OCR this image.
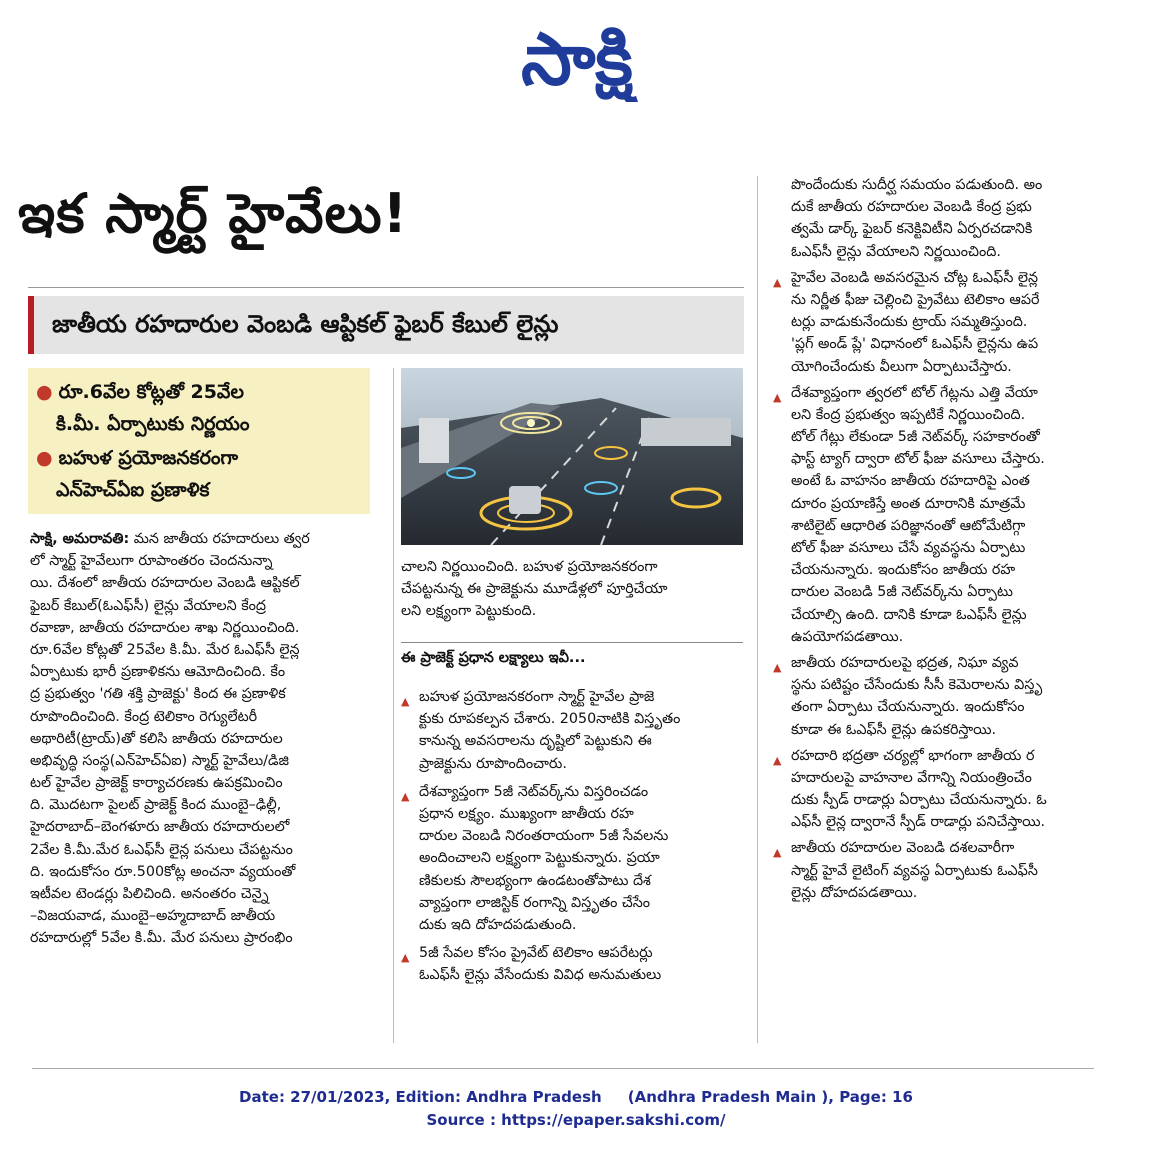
సాక్షి
ఇక స్మార్ట్ హైవేలు!
జాతీయ రహదారుల వెంబడి ఆప్టికల్ ఫైబర్ కేబుల్ లైన్లు
● రూ.6వేల కోట్లతో 25వేల
కి.మీ. ఏర్పాటుకు నిర్ణయం
● బహుళ ప్రయోజనకరంగా
ఎన్‌హెచ్‌ఏఐ ప్రణాళిక
సాక్షి, అమరావతి: మన జాతీయ రహదారులు త్వర
లో స్మార్ట్ హైవేలుగా రూపాంతరం చెందనున్నా
యి. దేశంలో జాతీయ రహదారుల వెంబడి ఆప్టికల్
ఫైబర్ కేబుల్(ఓఎఫ్‌సీ) లైన్లు వేయాలని కేంద్ర
రవాణా, జాతీయ రహదారుల శాఖ నిర్ణయించింది.
రూ.6వేల కోట్లతో 25వేల కి.మీ. మేర ఓఎఫ్‌సీ లైన్ల
ఏర్పాటుకు భారీ ప్రణాళికను ఆమోదించింది. కేం
ద్ర ప్రభుత్వం 'గతి శక్తి ప్రాజెక్టు' కింద ఈ ప్రణాళిక
రూపొందించింది. కేంద్ర టెలికాం రెగ్యులేటరీ
అథారిటీ(ట్రాయ్)తో కలిసి జాతీయ రహదారుల
అభివృద్ధి సంస్థ(ఎన్‌హెచ్‌ఏఐ) స్మార్ట్ హైవేలు/డిజి
టల్ హైవేల ప్రాజెక్ట్ కార్యాచరణకు ఉపక్రమించిం
ది. మొదటగా పైలట్ ప్రాజెక్ట్ కింద ముంబై–ఢిల్లీ,
హైదరాబాద్–బెంగళూరు జాతీయ రహదారులలో
2వేల కి.మీ.మేర ఓఎఫ్‌సీ లైన్ల పనులు చేపట్టనుం
ది. ఇందుకోసం రూ.500కోట్ల అంచనా వ్యయంతో
ఇటీవల టెండర్లు పిలిచింది. అనంతరం చెన్నై
–విజయవాడ, ముంబై–అహ్మదాబాద్ జాతీయ
రహదారుల్లో 5వేల కి.మీ. మేర పనులు ప్రారంభిం
చాలని నిర్ణయించింది. బహుళ ప్రయోజనకరంగా
చేపట్టనున్న ఈ ప్రాజెక్టును మూడేళ్లలో పూర్తిచేయా
లని లక్ష్యంగా పెట్టుకుంది.
ఈ ప్రాజెక్ట్ ప్రధాన లక్ష్యాలు ఇవీ...
▲ బహుళ ప్రయోజనకరంగా స్మార్ట్ హైవేల ప్రాజె
క్టుకు రూపకల్పన చేశారు. 2050నాటికి విస్తృతం
కానున్న అవసరాలను దృష్టిలో పెట్టుకుని ఈ
ప్రాజెక్టును రూపొందించారు.
▲ దేశవ్యాప్తంగా 5జీ నెట్‌వర్క్‌ను విస్తరించడం
ప్రధాన లక్ష్యం. ముఖ్యంగా జాతీయ రహ
దారుల వెంబడి నిరంతరాయంగా 5జీ సేవలను
అందించాలని లక్ష్యంగా పెట్టుకున్నారు. ప్రయా
ణికులకు సౌలభ్యంగా ఉండటంతోపాటు దేశ
వ్యాప్తంగా లాజిస్టిక్ రంగాన్ని విస్తృతం చేసేం
దుకు ఇది దోహదపడుతుంది.
▲ 5జీ సేవల కోసం ప్రైవేట్ టెలికాం ఆపరేటర్లు
ఓఎఫ్‌సీ లైన్లు వేసేందుకు వివిధ అనుమతులు
పొందేందుకు సుదీర్ఘ సమయం పడుతుంది. అం
దుకే జాతీయ రహదారుల వెంబడి కేంద్ర ప్రభు
త్వమే డార్క్ ఫైబర్ కనెక్టివిటీని ఏర్పరచడానికి
ఓఎఫ్‌సీ లైన్లు వేయాలని నిర్ణయించింది.
▲ హైవేల వెంబడి అవసరమైన చోట్ల ఓఎఫ్‌సీ లైన్ల
ను నిర్ణీత ఫీజు చెల్లించి ప్రైవేటు టెలికాం ఆపరే
టర్లు వాడుకునేందుకు ట్రాయ్ సమ్మతిస్తుంది.
'ప్లగ్ అండ్ ప్లే' విధానంలో ఓఎఫ్‌సీ లైన్లను ఉప
యోగించేందుకు వీలుగా ఏర్పాటుచేస్తారు.
▲ దేశవ్యాప్తంగా త్వరలో టోల్ గేట్లను ఎత్తి వేయా
లని కేంద్ర ప్రభుత్వం ఇప్పటికే నిర్ణయించింది.
టోల్ గేట్లు లేకుండా 5జీ నెట్‌వర్క్ సహకారంతో
ఫాస్ట్ ట్యాగ్ ద్వారా టోల్ ఫీజు వసూలు చేస్తారు.
అంటే ఓ వాహనం జాతీయ రహదారిపై ఎంత
దూరం ప్రయాణిస్తే అంత దూరానికి మాత్రమే
శాటిలైట్ ఆధారిత పరిజ్ఞానంతో ఆటోమేటిగ్గా
టోల్ ఫీజు వసూలు చేసే వ్యవస్థను ఏర్పాటు
చేయనున్నారు. ఇందుకోసం జాతీయ రహ
దారుల వెంబడి 5జీ నెట్‌వర్క్‌ను ఏర్పాటు
చేయాల్సి ఉంది. దానికి కూడా ఓఎఫ్‌సీ లైన్లు
ఉపయోగపడతాయి.
▲ జాతీయ రహదారులపై భద్రత, నిఘా వ్యవ
స్థను పటిష్టం చేసేందుకు సీసీ కెమెరాలను విస్తృ
తంగా ఏర్పాటు చేయనున్నారు. ఇందుకోసం
కూడా ఈ ఓఎఫ్‌సీ లైన్లు ఉపకరిస్తాయి.
▲ రహదారి భద్రతా చర్యల్లో భాగంగా జాతీయ ర
హదారులపై వాహనాల వేగాన్ని నియంత్రించేం
దుకు స్పీడ్ రాడార్లు ఏర్పాటు చేయనున్నారు. ఓ
ఎఫ్‌సీ లైన్ల ద్వారానే స్పీడ్ రాడార్లు పనిచేస్తాయి.
▲ జాతీయ రహదారుల వెంబడి దశలవారీగా
స్మార్ట్ హైవే లైటింగ్ వ్యవస్థ ఏర్పాటుకు ఓఎఫ్‌సీ
లైన్లు దోహదపడతాయి.
Date: 27/01/2023, Edition: Andhra Pradesh     (Andhra Pradesh Main ), Page: 16
Source : https://epaper.sakshi.com/
